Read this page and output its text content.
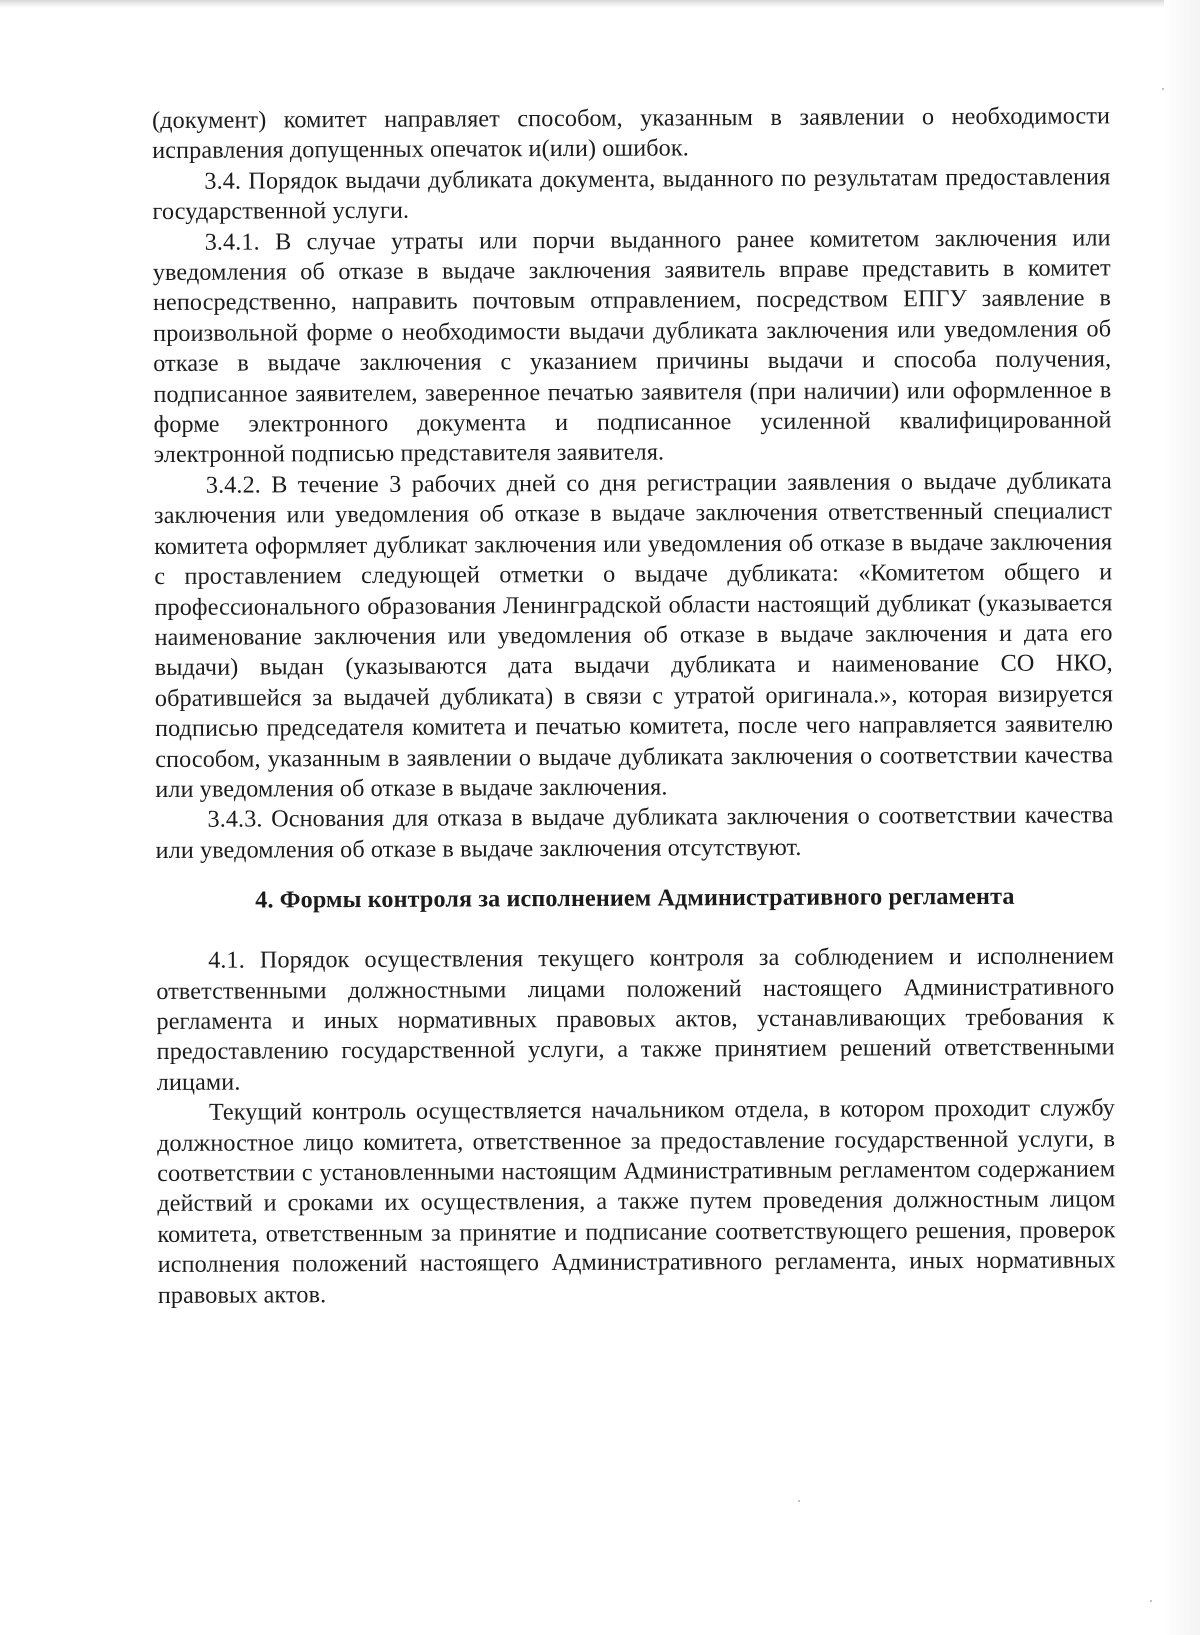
(документ) комитет направляет способом, указанным в заявлении о необходимости исправления допущенных опечаток и(или) ошибок.

3.4. Порядок выдачи дубликата документа, выданного по результатам предоставления государственной услуги.

3.4.1. В случае утраты или порчи выданного ранее комитетом заключения или уведомления об отказе в выдаче заключения заявитель вправе представить в комитет непосредственно, направить почтовым отправлением, посредством ЕПГУ заявление в произвольной форме о необходимости выдачи дубликата заключения или уведомления об отказе в выдаче заключения с указанием причины выдачи и способа получения, подписанное заявителем, заверенное печатью заявителя (при наличии) или оформленное в форме электронного документа и подписанное усиленной квалифицированной электронной подписью представителя заявителя.

3.4.2. В течение 3 рабочих дней со дня регистрации заявления о выдаче дубликата заключения или уведомления об отказе в выдаче заключения ответственный специалист комитета оформляет дубликат заключения или уведомления об отказе в выдаче заключения с проставлением следующей отметки о выдаче дубликата: «Комитетом общего и профессионального образования Ленинградской области настоящий дубликат (указывается наименование заключения или уведомления об отказе в выдаче заключения и дата его выдачи) выдан (указываются дата выдачи дубликата и наименование СО НКО, обратившейся за выдачей дубликата) в связи с утратой оригинала.», которая визируется подписью председателя комитета и печатью комитета, после чего направляется заявителю способом, указанным в заявлении о выдаче дубликата заключения о соответствии качества или уведомления об отказе в выдаче заключения.

3.4.3. Основания для отказа в выдаче дубликата заключения о соответствии качества или уведомления об отказе в выдаче заключения отсутствуют.

4. Формы контроля за исполнением Административного регламента

4.1. Порядок осуществления текущего контроля за соблюдением и исполнением ответственными должностными лицами положений настоящего Административного регламента и иных нормативных правовых актов, устанавливающих требования к предоставлению государственной услуги, а также принятием решений ответственными лицами.

Текущий контроль осуществляется начальником отдела, в котором проходит службу должностное лицо комитета, ответственное за предоставление государственной услуги, в соответствии с установленными настоящим Административным регламентом содержанием действий и сроками их осуществления, а также путем проведения должностным лицом комитета, ответственным за принятие и подписание соответствующего решения, проверок исполнения положений настоящего Административного регламента, иных нормативных правовых актов.
